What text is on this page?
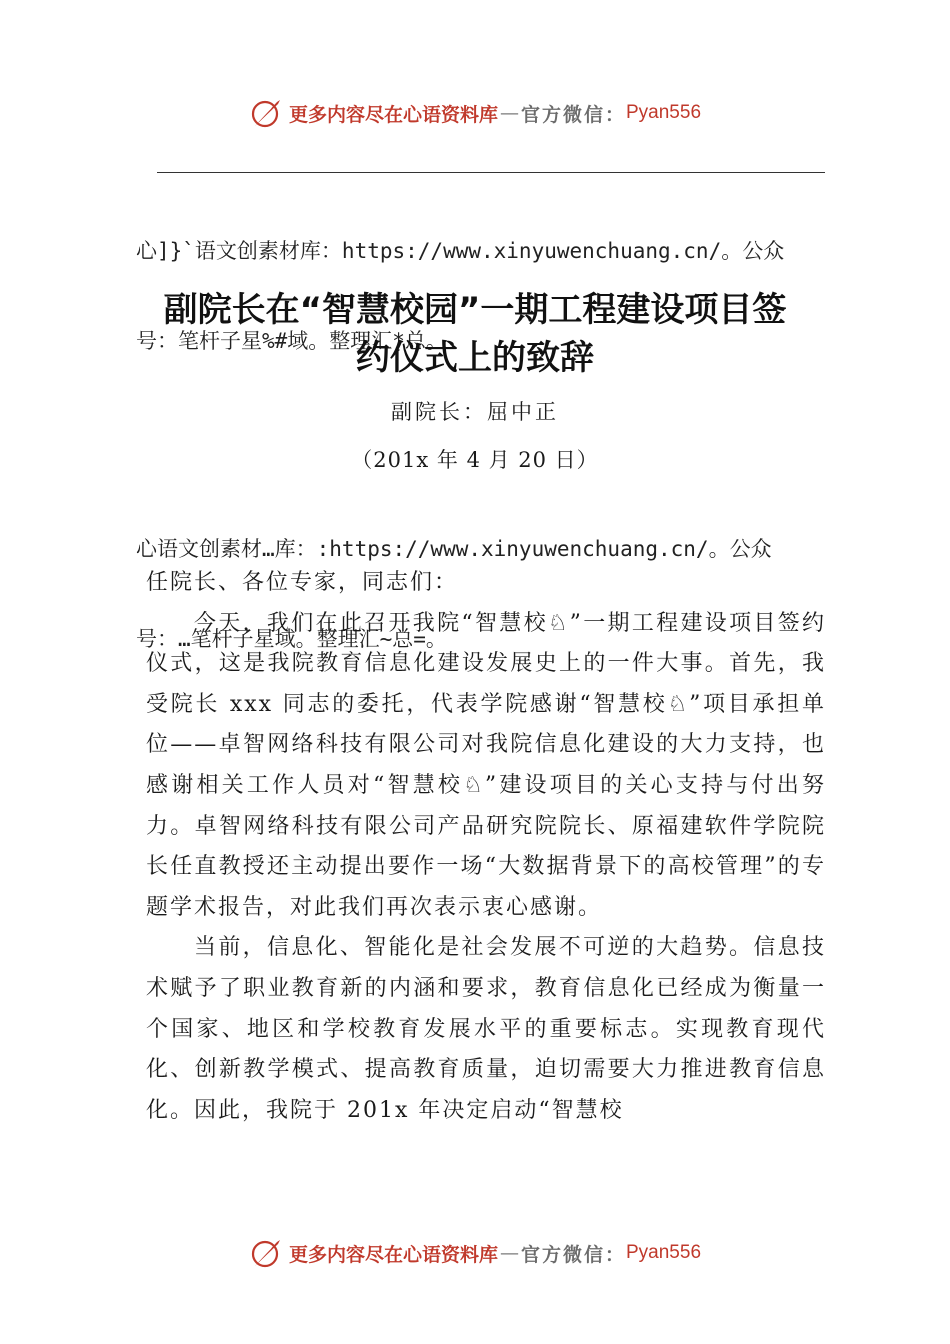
更多内容尽在心语资料库 — 官方微信： Pyan556

心]}`语文创素材库：https://www.xinyuwenchuang.cn/。公众

号：笔杆子星%#域。整理汇*总。

副院长在“智慧校园”一期工程建设项目签
约仪式上的致辞
副院长：屈中正
（201x 年 4 月 20 日）

心语文创素材…库：:https://www.xinyuwenchuang.cn/。公众

号：…笔杆子星域。整理汇~总=。

任院长、各位专家，同志们：

今天，我们在此召开我院“智慧校♘”一期工程建设项目签约仪式，这是我院教育信息化建设发展史上的一件大事。首先，我受院长 xxx 同志的委托，代表学院感谢“智慧校♘”项目承担单位——卓智网络科技有限公司对我院信息化建设的大力支持，也感谢相关工作人员对“智慧校♘”建设项目的关心支持与付出努力。卓智网络科技有限公司产品研究院院长、原福建软件学院院长任直教授还主动提出要作一场“大数据背景下的高校管理”的专题学术报告，对此我们再次表示衷心感谢。

当前，信息化、智能化是社会发展不可逆的大趋势。信息技术赋予了职业教育新的内涵和要求，教育信息化已经成为衡量一个国家、地区和学校教育发展水平的重要标志。实现教育现代化、创新教学模式、提高教育质量，迫切需要大力推进教育信息化。因此，我院于 201x 年决定启动“智慧校

更多内容尽在心语资料库 — 官方微信： Pyan556
